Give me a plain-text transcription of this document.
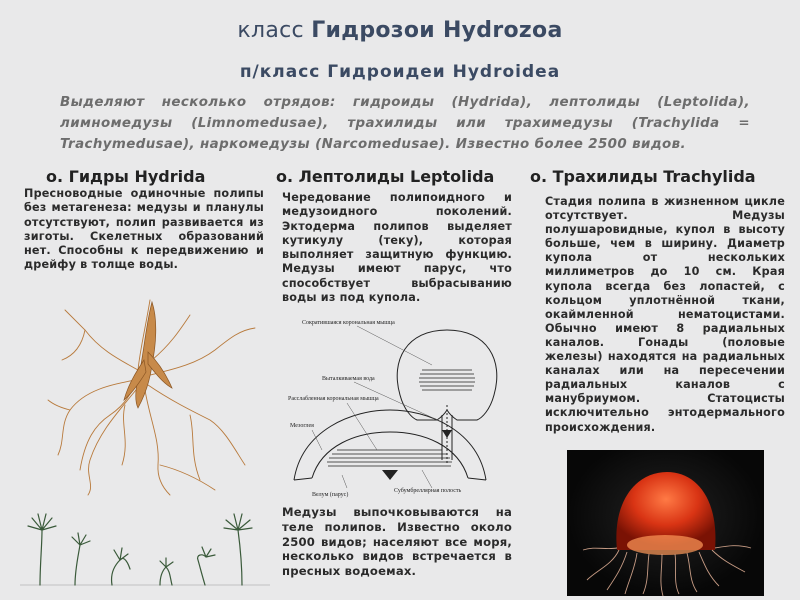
класс Гидрозои Hydrozoa
п/класс Гидроидеи Hydroidea
Выделяют несколько отрядов: гидроиды (Hydrida), лептолиды (Leptolida), лимномедузы (Limnomedusae), трахилиды или трахимедузы (Trachylida = Trachymedusae), наркомедузы (Narcomedusae). Известно более 2500 видов.
о. Гидры Hydrida
Пресноводные одиночные полипы без метагенеза: медузы и планулы отсутствуют, полип развивается из зиготы. Скелетных образований нет. Способны к передвижению и дрейфу в толще воды.
о. Лептолиды Leptolida
Чередование полипоидного и медузоидного поколений. Эктодерма полипов выделяет кутикулу (теку), которая выполняет защитную функцию. Медузы имеют парус, что способствует выбрасыванию воды из под купола.
Медузы выпочковываются на теле полипов. Известно около 2500 видов; населяют все моря, несколько видов встречается в пресных водоемах.
о. Трахилиды Trachylida
Стадия полипа в жизненном цикле отсутствует. Медузы полушаровидные, купол в высоту больше, чем в ширину. Диаметр купола от нескольких миллиметров до 10 см. Края купола всегда без лопастей, с кольцом уплотнённой ткани, окаймленной нематоцистами. Обычно имеют 8 радиальных каналов. Гонады (половые железы) находятся на радиальных каналах или на пересечении радиальных каналов с манубриумом. Статоцисты исключительно энтодермального происхождения.
Сократившаяся корональная мышца
Выталкиваемая вода
Расслабленная корональная мышца
Мезоглея
Велум (парус)
Субумбреллярная полость
